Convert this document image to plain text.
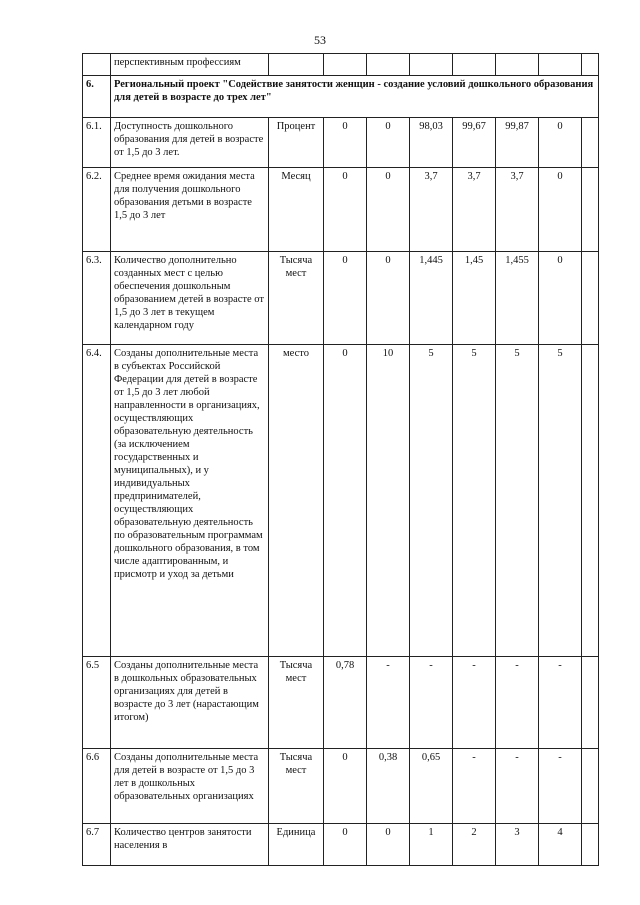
53
	перспективным профессиям								
6.	Региональный проект "Содействие занятости женщин - создание условий дошкольного образования для детей в возрасте до трех лет"								
6.1.	Доступность дошкольного образования для детей в возрасте от 1,5 до 3 лет.	Процент	0	0	98,03	99,67	99,87	0	
6.2.	Среднее время ожидания места для получения дошкольного образования детьми в возрасте 1,5 до 3 лет	Месяц	0	0	3,7	3,7	3,7	0	
6.3.	Количество дополнительно созданных мест с целью обеспечения дошкольным образованием детей в возрасте от 1,5 до 3 лет в текущем календарном году	Тысяча мест	0	0	1,445	1,45	1,455	0	
6.4.	Созданы дополнительные места в субъектах Российской Федерации для детей в возрасте от 1,5 до 3 лет любой направленности в организациях, осуществляющих образовательную деятельность (за исключением государственных и муниципальных), и у индивидуальных предпринимателей, осуществляющих образовательную деятельность по образовательным программам дошкольного образования, в том числе адаптированным, и присмотр и уход за детьми	место	0	10	5	5	5	5	
6.5	Созданы дополнительные места в дошкольных образовательных организациях для детей в возрасте до 3 лет (нарастающим итогом)	Тысяча мест	0,78	-	-	-	-	-	
6.6	Созданы дополнительные места для детей в возрасте от 1,5 до 3 лет в дошкольных образовательных организациях	Тысяча мест	0	0,38	0,65	-	-	-	
6.7	Количество центров занятости населения в	Единица	0	0	1	2	3	4	
